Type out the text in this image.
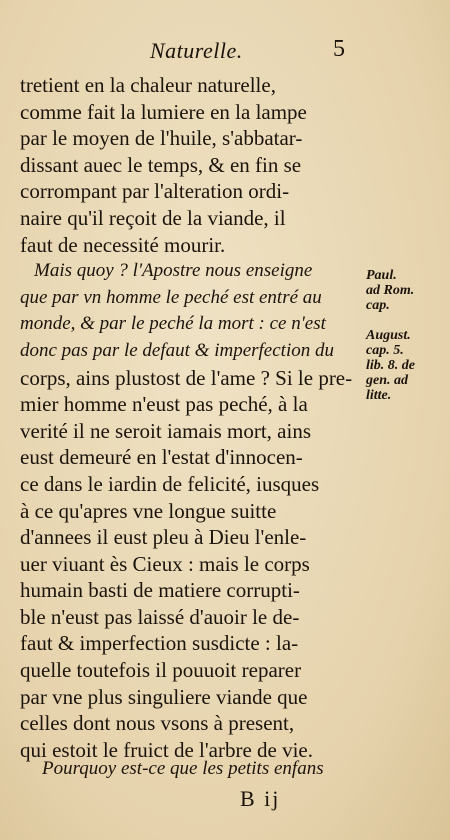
Naturelle.	5
tretient en la chaleur naturelle,
comme fait la lumiere en la lampe
par le moyen de l'huile, s'abbatar-
dissant auec le temps, & en fin se
corrompant par l'alteration ordi-
naire qu'il reçoit de la viande, il
faut de necessité mourir.
Mais quoy ? l'Apostre nous enseigne
que par vn homme le peché est entré au
monde, & par le peché la mort : ce n'est
donc pas par le defaut & imperfection du
corps, ains plustost de l'ame ? Si le pre-
mier homme n'eust pas peché, à la
verité il ne seroit iamais mort, ains
eust demeuré en l'estat d'innocen-
ce dans le iardin de felicité, iusques
à ce qu'apres vne longue suitte
d'annees il eust pleu à Dieu l'enle-
uer viuant ès Cieux : mais le corps
humain basti de matiere corrupti-
ble n'eust pas laissé d'auoir le de-
faut & imperfection susdicte : la-
quelle toutefois il pouuoit reparer
par vne plus singuliere viande que
celles dont nous vsons à present,
qui estoit le fruict de l'arbre de vie.
Paul.
ad Rom.
cap.

August.
cap. 5.
lib. 8. de
gen. ad
litte.
Pourquoy est-ce que les petits enfans
B ij
